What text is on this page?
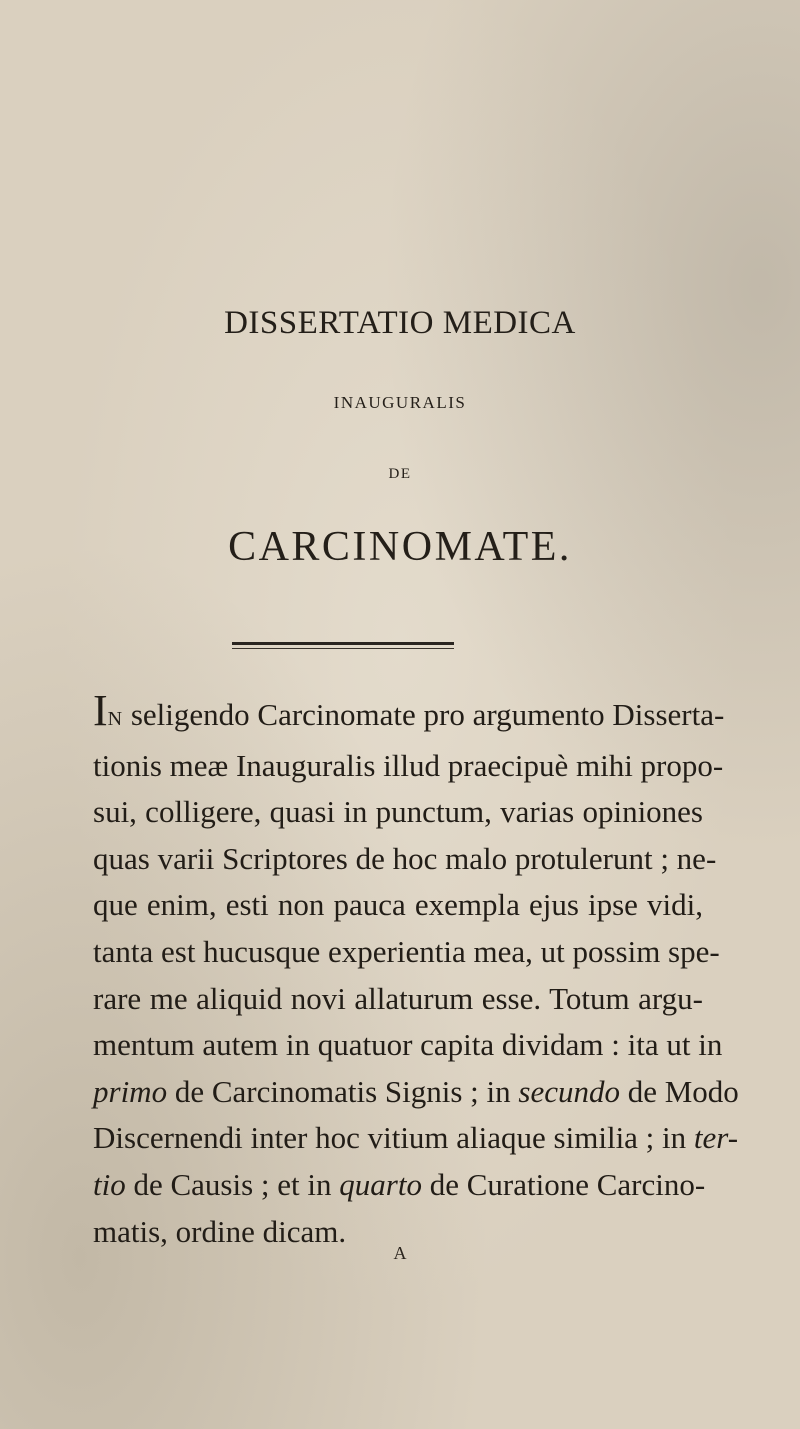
DISSERTATIO MEDICA
INAUGURALIS
DE
CARCINOMATE.
IN seligendo Carcinomate pro argumento Disserta-
tionis meæ Inauguralis illud praecipuè mihi propo-
sui, colligere, quasi in punctum, varias opiniones
quas varii Scriptores de hoc malo protulerunt ; ne-
que enim, esti non pauca exempla ejus ipse vidi,
tanta est hucusque experientia mea, ut possim spe-
rare me aliquid novi allaturum esse. Totum argu-
mentum autem in quatuor capita dividam : ita ut in
primo de Carcinomatis Signis ; in secundo de Modo
Discernendi inter hoc vitium aliaque similia ; in ter-
tio de Causis ; et in quarto de Curatione Carcino-
matis, ordine dicam.
A
